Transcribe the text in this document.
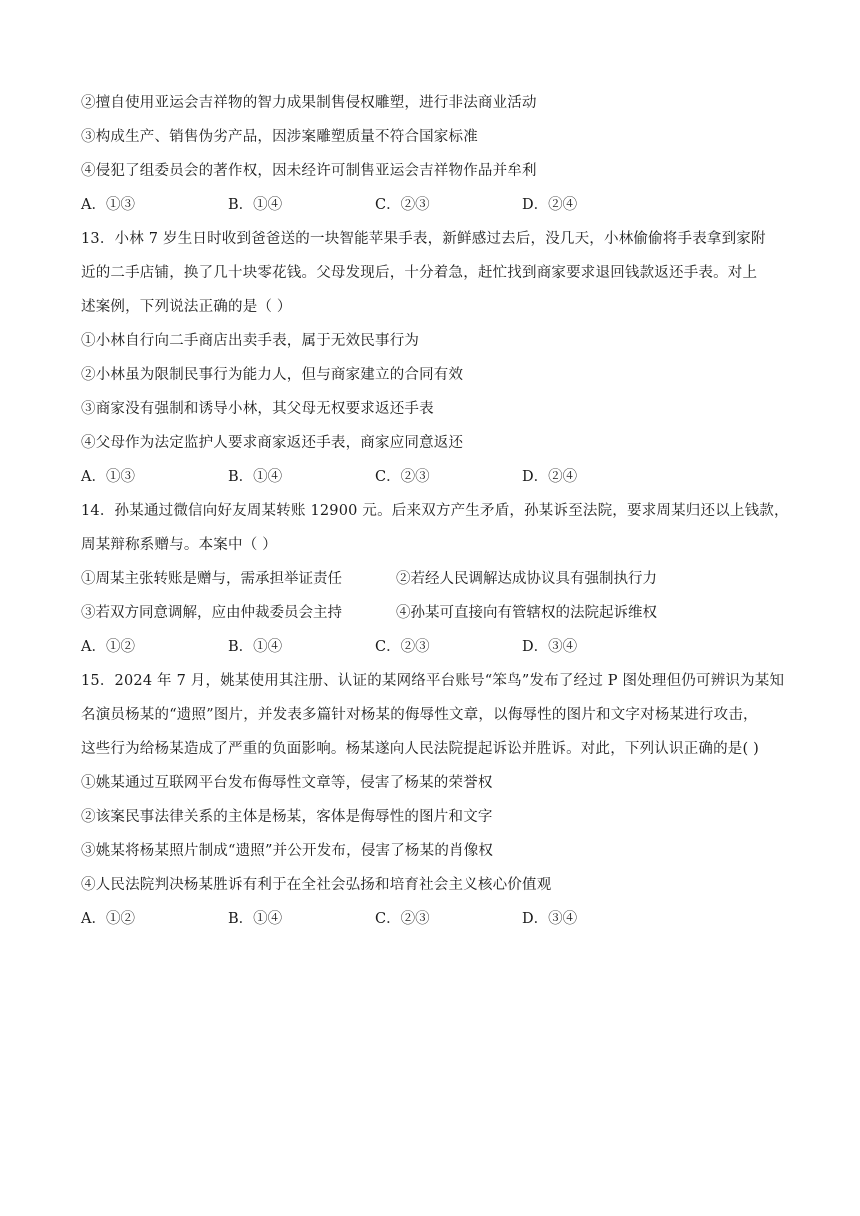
②擅自使用亚运会吉祥物的智力成果制售侵权雕塑，进行非法商业活动
③构成生产、销售伪劣产品，因涉案雕塑质量不符合国家标准
④侵犯了组委员会的著作权，因未经许可制售亚运会吉祥物作品并牟利
A．①③	B．①④	C．②③	D．②④
13．小林 7 岁生日时收到爸爸送的一块智能苹果手表，新鲜感过去后，没几天，小林偷偷将手表拿到家附
近的二手店铺，换了几十块零花钱。父母发现后，十分着急，赶忙找到商家要求退回钱款返还手表。对上
述案例，下列说法正确的是（ ）
①小林自行向二手商店出卖手表，属于无效民事行为
②小林虽为限制民事行为能力人，但与商家建立的合同有效
③商家没有强制和诱导小林，其父母无权要求返还手表
④父母作为法定监护人要求商家返还手表，商家应同意返还
A．①③	B．①④	C．②③	D．②④
14．孙某通过微信向好友周某转账 12900 元。后来双方产生矛盾，孙某诉至法院，要求周某归还以上钱款，
周某辩称系赠与。本案中（ ）
①周某主张转账是赠与，需承担举证责任	②若经人民调解达成协议具有强制执行力
③若双方同意调解，应由仲裁委员会主持	④孙某可直接向有管辖权的法院起诉维权
A．①②	B．①④	C．②③	D．③④
15．2024 年 7 月，姚某使用其注册、认证的某网络平台账号“笨鸟”发布了经过 P 图处理但仍可辨识为某知
名演员杨某的“遗照”图片，并发表多篇针对杨某的侮辱性文章，以侮辱性的图片和文字对杨某进行攻击，
这些行为给杨某造成了严重的负面影响。杨某遂向人民法院提起诉讼并胜诉。对此，下列认识正确的是( )
①姚某通过互联网平台发布侮辱性文章等，侵害了杨某的荣誉权
②该案民事法律关系的主体是杨某，客体是侮辱性的图片和文字
③姚某将杨某照片制成“遗照”并公开发布，侵害了杨某的肖像权
④人民法院判决杨某胜诉有利于在全社会弘扬和培育社会主义核心价值观
A．①②	B．①④	C．②③	D．③④
